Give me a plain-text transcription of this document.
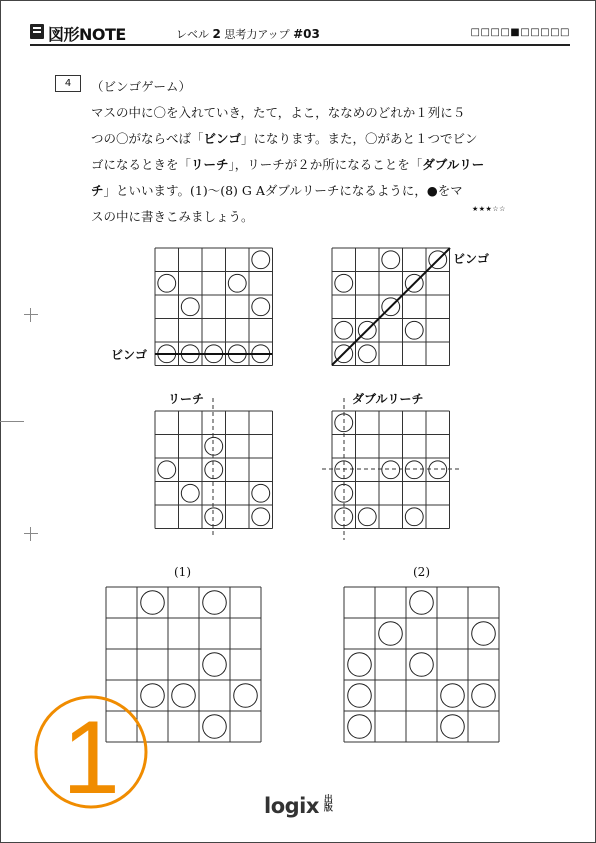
図形NOTE	レベル 2 思考力アップ #03	□□□□■□□□□□
4	（ビンゴゲーム）
マスの中に〇を入れていき，たて，よこ，ななめのどれか１列に５
つの〇がならべば「ビンゴ」になります。また，〇があと１つでビン
ゴになるときを「リーチ」，リーチが２か所になることを「ダブルリー
チ」といいます。(1)～(8) G Aダブルリーチになるように，●をマ
スの中に書きこみましょう。	★★★☆☆
1
ビンゴ
ビンゴ
リーチ	ダブルリーチ
(1)	(2)
logix 出版
